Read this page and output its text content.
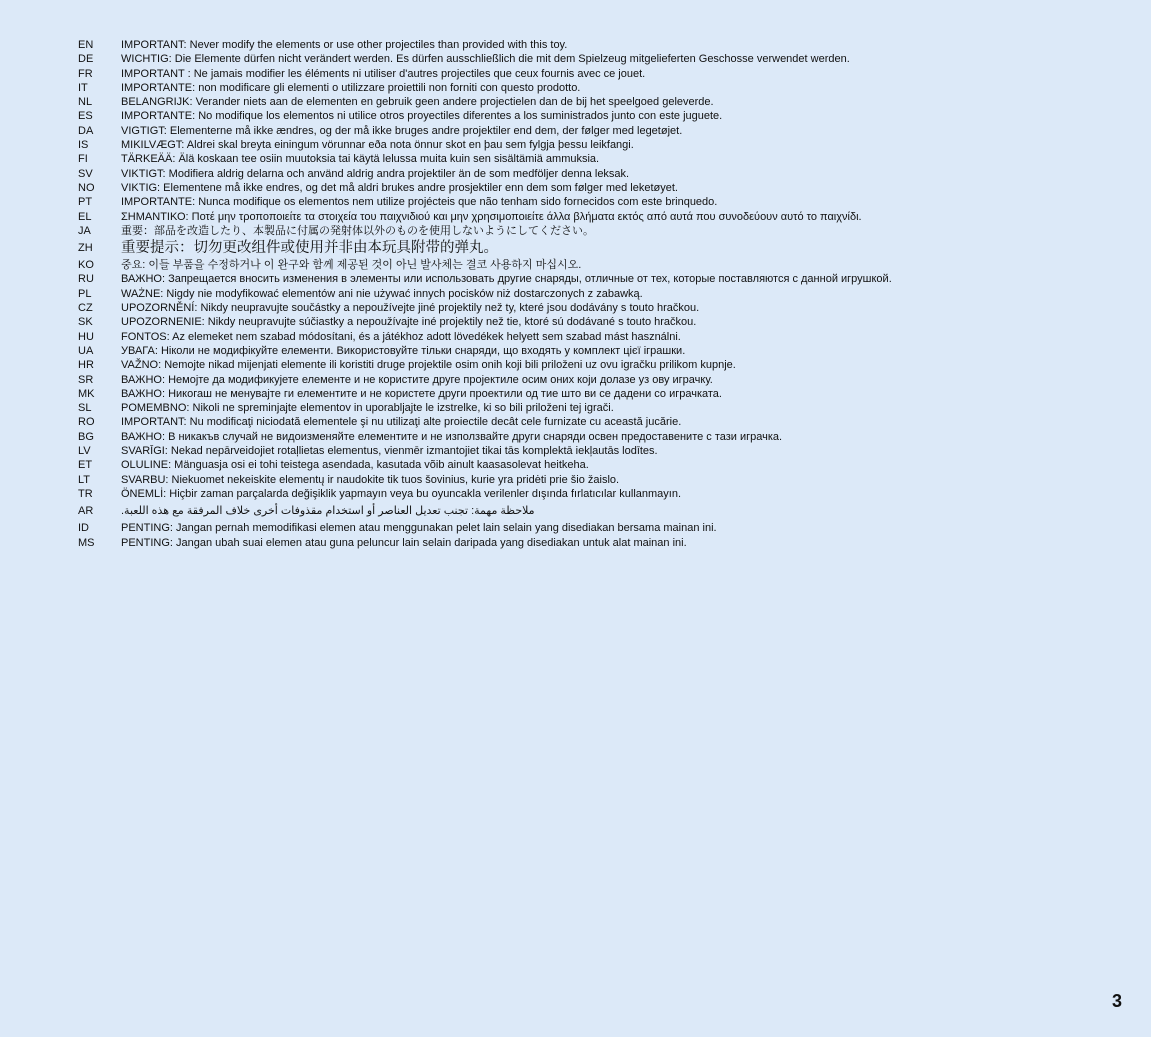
EN	IMPORTANT: Never modify the elements or use other projectiles than provided with this toy.
DE	WICHTIG: Die Elemente dürfen nicht verändert werden. Es dürfen ausschließlich die mit dem Spielzeug mitgelieferten Geschosse verwendet werden.
FR	IMPORTANT : Ne jamais modifier les éléments ni utiliser d'autres projectiles que ceux fournis avec ce jouet.
IT	IMPORTANTE: non modificare gli elementi o utilizzare proiettili non forniti con questo prodotto.
NL	BELANGRIJK: Verander niets aan de elementen en gebruik geen andere projectielen dan de bij het speelgoed geleverde.
ES	IMPORTANTE: No modifique los elementos ni utilice otros proyectiles diferentes a los suministrados junto con este juguete.
DA	VIGTIGT: Elementerne må ikke ændres, og der må ikke bruges andre projektiler end dem, der følger med legetøjet.
IS	MIKILVÆGT: Aldrei skal breyta einingum vörunnar eða nota önnur skot en þau sem fylgja þessu leikfangi.
FI	TÄRKEÄÄ: Älä koskaan tee osiin muutoksia tai käytä lelussa muita kuin sen sisältämiä ammuksia.
SV	VIKTIGT: Modifiera aldrig delarna och använd aldrig andra projektiler än de som medföljer denna leksak.
NO	VIKTIG: Elementene må ikke endres, og det må aldri brukes andre prosjektiler enn dem som følger med leketøyet.
PT	IMPORTANTE: Nunca modifique os elementos nem utilize projécteis que não tenham sido fornecidos com este brinquedo.
EL	ΣΗΜΑΝΤΙΚΟ: Ποτέ μην τροποποιείτε τα στοιχεία του παιχνιδιού και μην χρησιμοποιείτε άλλα βλήματα εκτός από αυτά που συνοδεύουν αυτό το παιχνίδι.
JA	重要：部品を改造したり、本製品に付属の発射体以外のものを使用しないようにしてください。
ZH	重要提示：切勿更改组件或使用并非由本玩具附带的弹丸。
KO	중요: 이들 부품을 수정하거나 이 완구와 함께 제공된 것이 아닌 발사체는 결코 사용하지 마십시오.
RU	ВАЖНО: Запрещается вносить изменения в элементы или использовать другие снаряды, отличные от тех, которые поставляются с данной игрушкой.
PL	WAŻNE: Nigdy nie modyfikować elementów ani nie używać innych pocisków niż dostarczonych z zabawką.
CZ	UPOZORNĚNÍ: Nikdy neupravujte součástky a nepoužívejte jiné projektily než ty, které jsou dodávány s touto hračkou.
SK	UPOZORNENIE: Nikdy neupravujte súčiastky a nepoužívajte iné projektily než tie, ktoré sú dodávané s touto hračkou.
HU	FONTOS: Az elemeket nem szabad módosítani, és a játékhoz adott lövedékek helyett sem szabad mást használni.
UA	УВАГА: Ніколи не модифікуйте елементи. Використовуйте тільки снаряди, що входять у комплект цієї іграшки.
HR	VAŽNO: Nemojte nikad mijenjati elemente ili koristiti druge projektile osim onih koji bili priloženi uz ovu igračku prilikom kupnje.
SR	ВАЖНО: Немојте да модификујете елементе и не користите друге пројектиле осим оних који долазе уз ову играчку.
MK	ВАЖНО: Никогаш не менувајте ги елементите и не користете други проектили од тие што ви се дадени со играчката.
SL	POMEMBNO: Nikoli ne spreminjajte elementov in uporabljajte le izstrelke, ki so bili priloženi tej igrači.
RO	IMPORTANT: Nu modificaţi niciodată elementele şi nu utilizaţi alte proiectile decât cele furnizate cu această jucărie.
BG	ВАЖНО: В никакъв случай не видоизменяйте елементите и не използвайте други снаряди освен предоставените с тази играчка.
LV	SVARĪGI: Nekad nepārveidojiet rotaļlietas elementus, vienmēr izmantojiet tikai tās komplektā iekļautās lodītes.
ET	OLULINE: Mänguasja osi ei tohi teistega asendada, kasutada võib ainult kaasasolevat heitkeha.
LT	SVARBU: Niekuomet nekeiskite elementų ir naudokite tik tuos šovinius, kurie yra pridėti prie šio žaislo.
TR	ÖNEMLİ: Hiçbir zaman parçalarda değişiklik yapmayın veya bu oyuncakla verilenler dışında fırlatıcılar kullanmayın.
AR	ملاحظة مهمة: تجنب تعديل العناصر أو استخدام مقذوفات أخرى خلاف المرفقة مع هذه اللعبة.
ID	PENTING: Jangan pernah memodifikasi elemen atau menggunakan pelet lain selain yang disediakan bersama mainan ini.
MS	PENTING: Jangan ubah suai elemen atau guna peluncur lain selain daripada yang disediakan untuk alat mainan ini.
3
